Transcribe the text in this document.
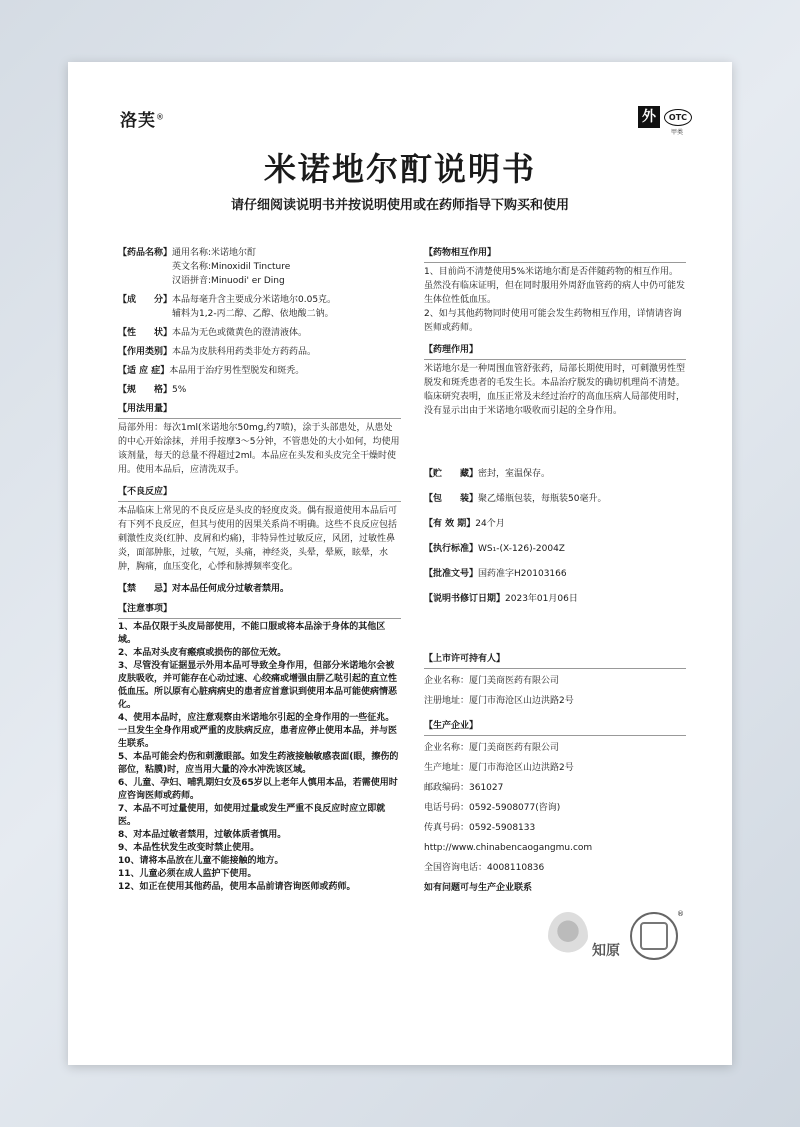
洛芙®	外	OTC
甲类
米诺地尔酊说明书
请仔细阅读说明书并按说明使用或在药师指导下购买和使用
【药品名称】 通用名称:米诺地尔酊
英文名称:Minoxidil Tincture
汉语拼音:Minuodi' er Ding
【成　　分】 本品每毫升含主要成分米诺地尔0.05克。
辅料为1,2-丙二醇、乙醇、依地酸二钠。
【性　　状】 本品为无色或微黄色的澄清液体。
【作用类别】 本品为皮肤科用药类非处方药药品。
【适 应 症】 本品用于治疗男性型脱发和斑秃。
【规　　格】 5%
【用法用量】
局部外用：每次1ml(米诺地尔50mg,约7喷)，涂于头部患处，从患处的中心开始涂抹，并用手按摩3～5分钟，不管患处的大小如何，均使用该剂量，每天的总量不得超过2ml。本品应在头发和头皮完全干燥时使用。使用本品后，应清洗双手。
【不良反应】
本品临床上常见的不良反应是头皮的轻度皮炎。偶有报道使用本品后可有下列不良反应，但其与使用的因果关系尚不明确。这些不良反应包括刺激性皮炎(红肿、皮屑和灼痛)，非特异性过敏反应，风团，过敏性鼻炎，面部肿胀，过敏，气短，头痛，神经炎，头晕，晕厥，眩晕，水肿，胸痛，血压变化，心悸和脉搏频率变化。
【禁　　忌】 对本品任何成分过敏者禁用。
【注意事项】
1、本品仅限于头皮局部使用，不能口服或将本品涂于身体的其他区域。
2、本品对头皮有瘢痕或损伤的部位无效。
3、尽管没有证据显示外用本品可导致全身作用，但部分米诺地尔会被皮肤吸收，并可能存在心动过速、心绞痛或增强由肼乙哒引起的直立性低血压。所以原有心脏病病史的患者应首意识到使用本品可能使病情恶化。
4、使用本品时，应注意观察由米诺地尔引起的全身作用的一些征兆。一旦发生全身作用或严重的皮肤病反应，患者应停止使用本品，并与医生联系。
5、本品可能会灼伤和刺激眼部。如发生药液接触敏感表面(眼，擦伤的部位，粘膜)时，应当用大量的冷水冲洗该区域。
6、儿童、孕妇、哺乳期妇女及65岁以上老年人慎用本品，若需使用时应咨询医师或药师。
7、本品不可过量使用，如使用过量或发生严重不良反应时应立即就医。
8、对本品过敏者禁用，过敏体质者慎用。
9、本品性状发生改变时禁止使用。
10、请将本品放在儿童不能接触的地方。
11、儿童必须在成人监护下使用。
12、如正在使用其他药品，使用本品前请咨询医师或药师。
【药物相互作用】
1、目前尚不清楚使用5%米诺地尔酊是否伴随药物的相互作用。虽然没有临床证明，但在同时服用外周舒血管药的病人中仍可能发生体位性低血压。
2、如与其他药物同时使用可能会发生药物相互作用，详情请咨询医师或药师。
【药理作用】
米诺地尔是一种周围血管舒张药，局部长期使用时，可刺激男性型脱发和斑秃患者的毛发生长。本品治疗脱发的确切机理尚不清楚。临床研究表明，血压正常及未经过治疗的高血压病人局部使用时，没有显示出由于米诺地尔吸收而引起的全身作用。
【贮　　藏】 密封，室温保存。
【包　　装】 聚乙烯瓶包装，每瓶装50毫升。
【有 效 期】 24个月
【执行标准】 WS₁-(X-126)-2004Z
【批准文号】 国药准字H20103166
【说明书修订日期】 2023年01月06日
【上市许可持有人】
企业名称：厦门美商医药有限公司
注册地址：厦门市海沧区山边洪路2号
【生产企业】
企业名称：厦门美商医药有限公司
生产地址：厦门市海沧区山边洪路2号
邮政编码：361027
电话号码：0592-5908077(咨询)
传真号码：0592-5908133
http://www.chinabencaogangmu.com
全国咨询电话：4008110836
如有问题可与生产企业联系
知原
®
